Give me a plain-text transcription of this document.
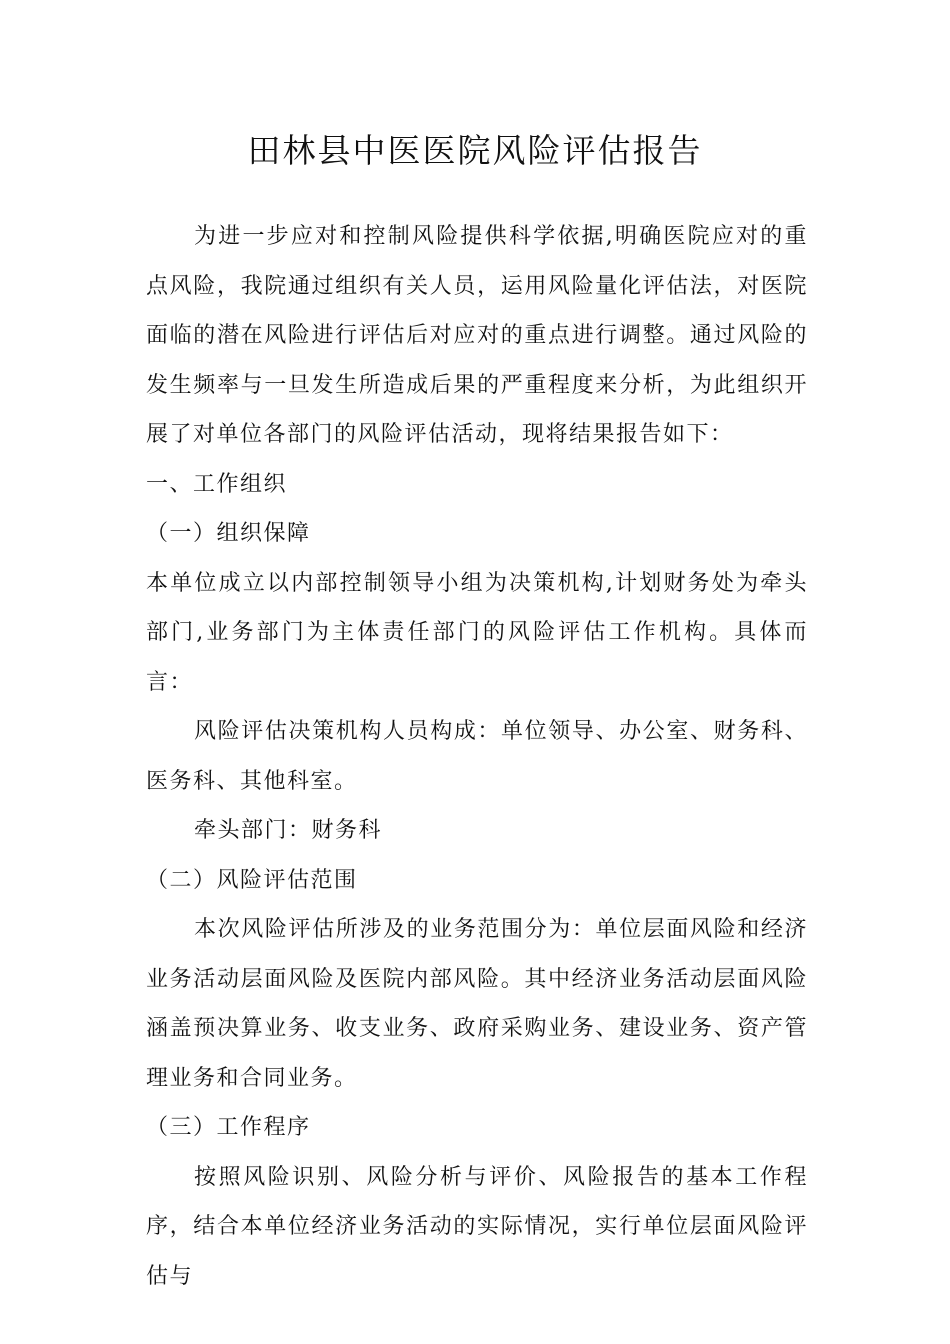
田林县中医医院风险评估报告

为进一步应对和控制风险提供科学依据,明确医院应对的重点风险，我院通过组织有关人员，运用风险量化评估法，对医院面临的潜在风险进行评估后对应对的重点进行调整。通过风险的发生频率与一旦发生所造成后果的严重程度来分析，为此组织开展了对单位各部门的风险评估活动，现将结果报告如下：

一、工作组织

（一）组织保障

本单位成立以内部控制领导小组为决策机构,计划财务处为牵头部门,业务部门为主体责任部门的风险评估工作机构。具体而言：

风险评估决策机构人员构成：单位领导、办公室、财务科、医务科、其他科室。

牵头部门：财务科

（二）风险评估范围

本次风险评估所涉及的业务范围分为：单位层面风险和经济业务活动层面风险及医院内部风险。其中经济业务活动层面风险涵盖预决算业务、收支业务、政府采购业务、建设业务、资产管理业务和合同业务。

（三）工作程序

按照风险识别、风险分析与评价、风险报告的基本工作程序，结合本单位经济业务活动的实际情况，实行单位层面风险评估与
